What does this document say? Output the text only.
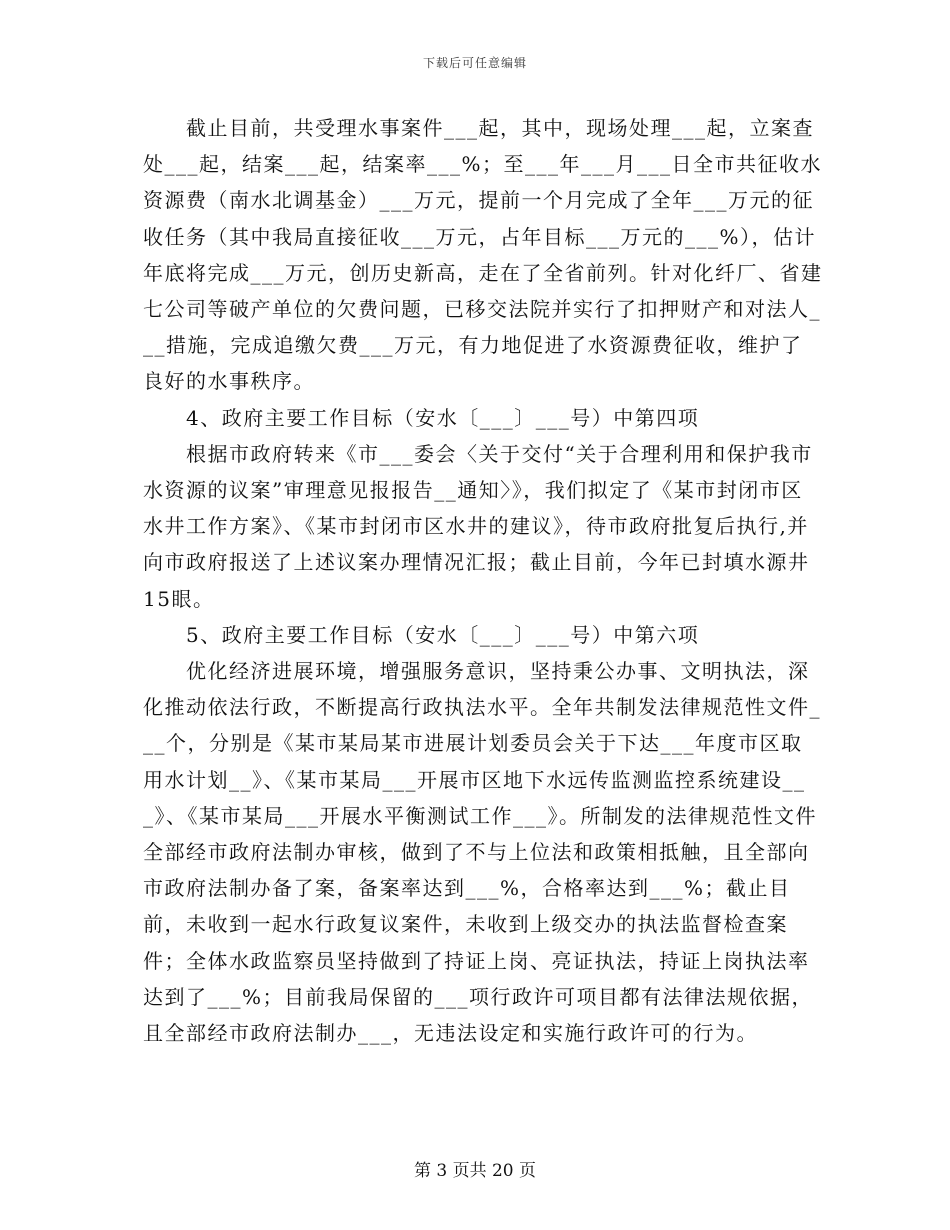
下载后可任意编辑

截止目前，共受理水事案件___起，其中，现场处理___起，立案查处___起，结案___起，结案率___%；至___年___月___日全市共征收水资源费（南水北调基金）___万元，提前一个月完成了全年___万元的征收任务（其中我局直接征收___万元，占年目标___万元的___%），估计年底将完成___万元，创历史新高，走在了全省前列。针对化纤厂、省建七公司等破产单位的欠费问题，已移交法院并实行了扣押财产和对法人___措施，完成追缴欠费___万元，有力地促进了水资源费征收，维护了良好的水事秩序。

4、政府主要工作目标（安水〔___〕___号）中第四项

根据市政府转来《市___委会〈关于交付“关于合理利用和保护我市水资源的议案”审理意见报报告__通知〉》，我们拟定了《某市封闭市区水井工作方案》、《某市封闭市区水井的建议》，待市政府批复后执行,并向市政府报送了上述议案办理情况汇报；截止目前，今年已封填水源井15眼。

5、政府主要工作目标（安水〔___〕___号）中第六项

优化经济进展环境，增强服务意识，坚持秉公办事、文明执法，深化推动依法行政，不断提高行政执法水平。全年共制发法律规范性文件___个，分别是《某市某局某市进展计划委员会关于下达___年度市区取用水计划__》、《某市某局___开展市区地下水远传监测监控系统建设___》、《某市某局___开展水平衡测试工作___》。所制发的法律规范性文件全部经市政府法制办审核，做到了不与上位法和政策相抵触，且全部向市政府法制办备了案，备案率达到___%，合格率达到___%；截止目前，未收到一起水行政复议案件，未收到上级交办的执法监督检查案件；全体水政监察员坚持做到了持证上岗、亮证执法，持证上岗执法率达到了___%；目前我局保留的___项行政许可项目都有法律法规依据，且全部经市政府法制办___，无违法设定和实施行政许可的行为。

第 3 页共 20 页
